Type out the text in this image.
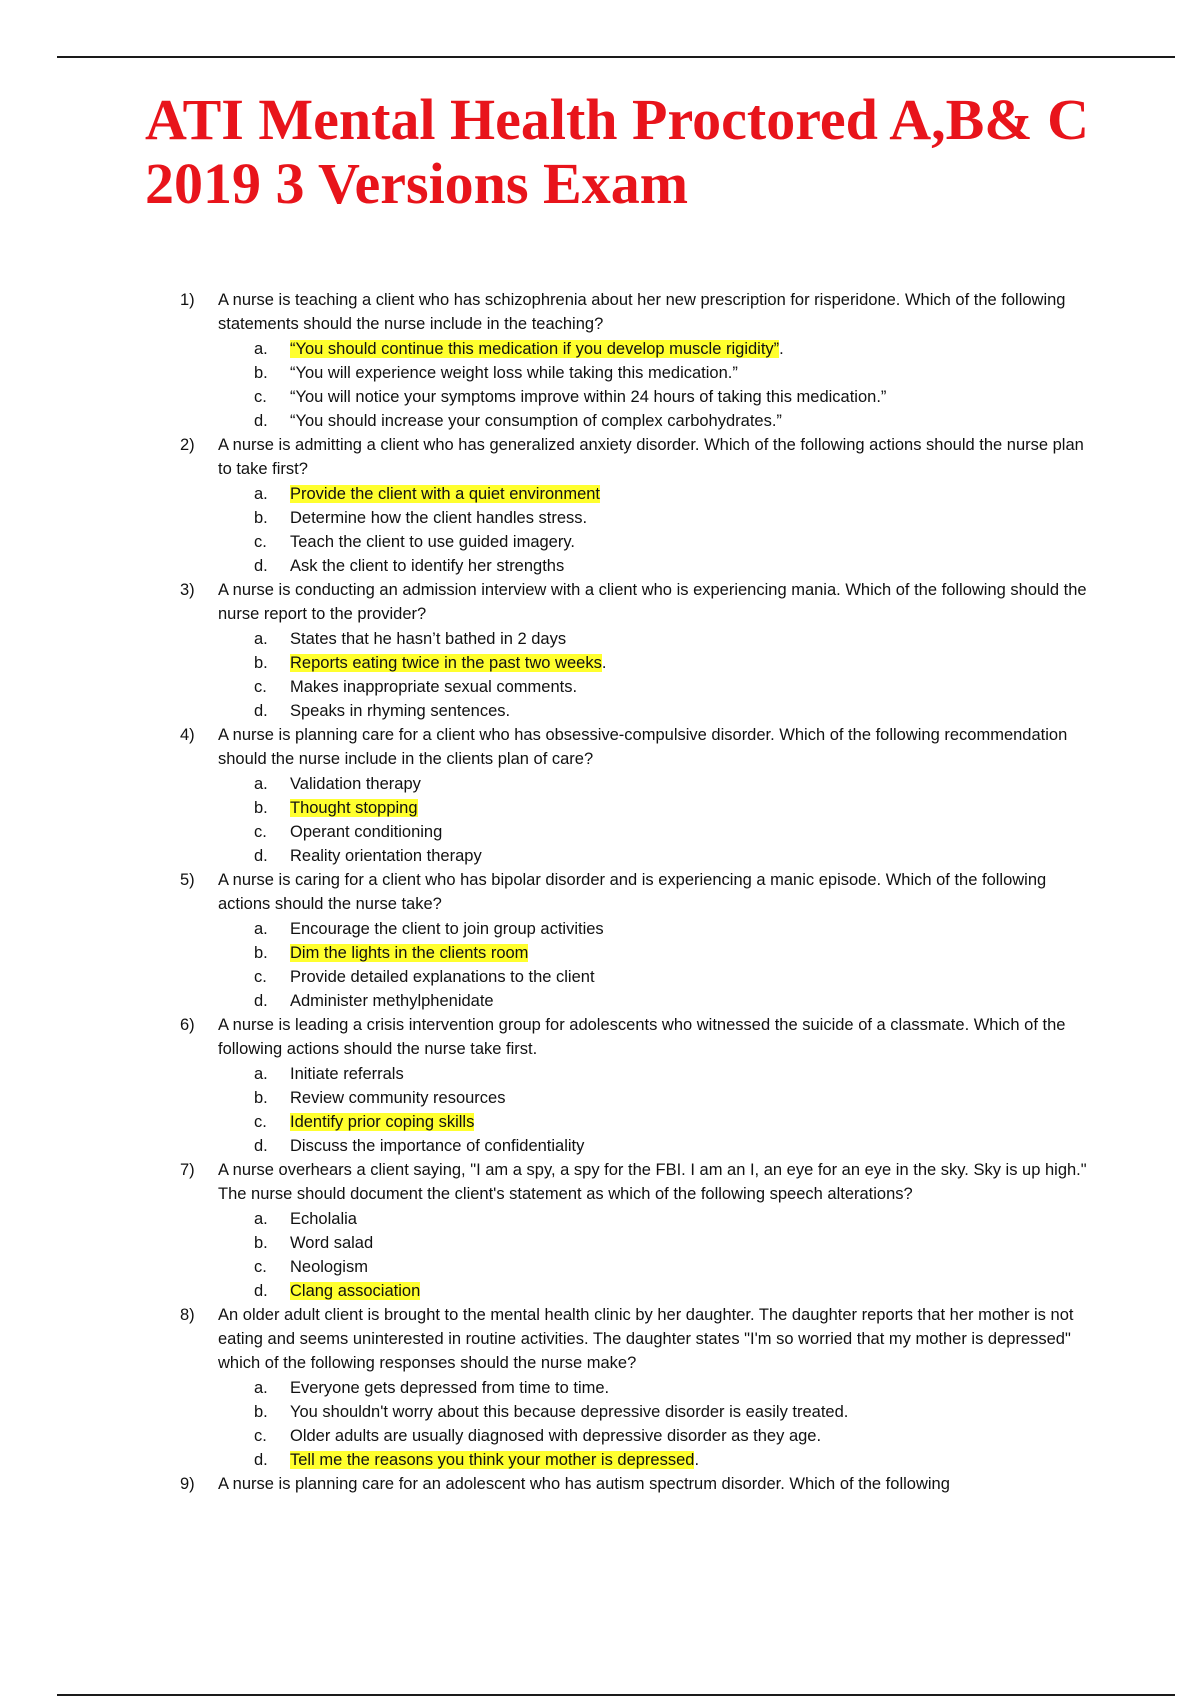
ATI Mental Health Proctored A,B& C
2019 3 Versions Exam
1) A nurse is teaching a client who has schizophrenia about her new prescription for risperidone. Which of the following statements should the nurse include in the teaching?
a. “You should continue this medication if you develop muscle rigidity”.
b. “You will experience weight loss while taking this medication.”
c. “You will notice your symptoms improve within 24 hours of taking this medication.”
d. “You should increase your consumption of complex carbohydrates.”
2) A nurse is admitting a client who has generalized anxiety disorder. Which of the following actions should the nurse plan to take first?
a. Provide the client with a quiet environment
b. Determine how the client handles stress.
c. Teach the client to use guided imagery.
d. Ask the client to identify her strengths
3) A nurse is conducting an admission interview with a client who is experiencing mania. Which of the following should the nurse report to the provider?
a. States that he hasn’t bathed in 2 days
b. Reports eating twice in the past two weeks.
c. Makes inappropriate sexual comments.
d. Speaks in rhyming sentences.
4) A nurse is planning care for a client who has obsessive-compulsive disorder. Which of the following recommendation should the nurse include in the clients plan of care?
a. Validation therapy
b. Thought stopping
c. Operant conditioning
d. Reality orientation therapy
5) A nurse is caring for a client who has bipolar disorder and is experiencing a manic episode. Which of the following actions should the nurse take?
a. Encourage the client to join group activities
b. Dim the lights in the clients room
c. Provide detailed explanations to the client
d. Administer methylphenidate
6) A nurse is leading a crisis intervention group for adolescents who witnessed the suicide of a classmate. Which of the following actions should the nurse take first.
a. Initiate referrals
b. Review community resources
c. Identify prior coping skills
d. Discuss the importance of confidentiality
7) A nurse overhears a client saying, "I am a spy, a spy for the FBI. I am an I, an eye for an eye in the sky. Sky is up high." The nurse should document the client's statement as which of the following speech alterations?
a. Echolalia
b. Word salad
c. Neologism
d. Clang association
8) An older adult client is brought to the mental health clinic by her daughter. The daughter reports that her mother is not eating and seems uninterested in routine activities. The daughter states "I'm so worried that my mother is depressed" which of the following responses should the nurse make?
a. Everyone gets depressed from time to time.
b. You shouldn't worry about this because depressive disorder is easily treated.
c. Older adults are usually diagnosed with depressive disorder as they age.
d. Tell me the reasons you think your mother is depressed.
9) A nurse is planning care for an adolescent who has autism spectrum disorder. Which of the following
